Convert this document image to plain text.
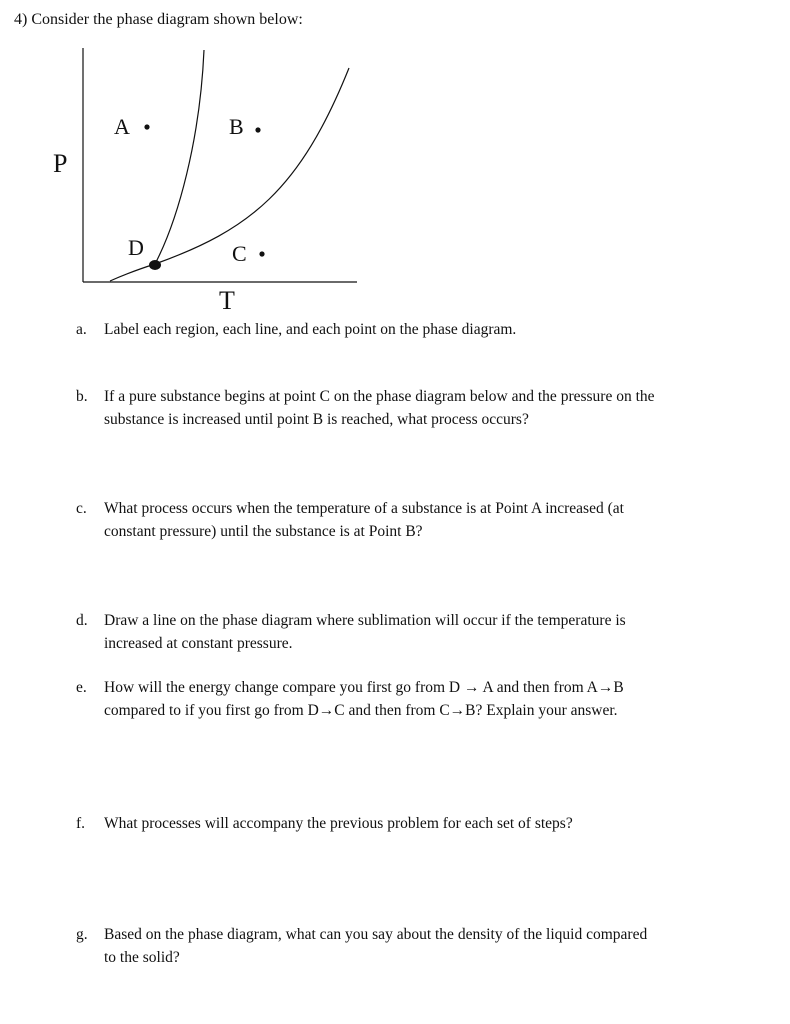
4) Consider the phase diagram shown below:
P
T
A	B
C
D
a. Label each region, each line, and each point on the phase diagram.
b. If a pure substance begins at point C on the phase diagram below and the pressure on the
substance is increased until point B is reached, what process occurs?
c. What process occurs when the temperature of a substance is at Point A increased (at
constant pressure) until the substance is at Point B?
d. Draw a line on the phase diagram where sublimation will occur if the temperature is
increased at constant pressure.
e. How will the energy change compare you first go from D → A and then from A→B
compared to if you first go from D→C and then from C→B? Explain your answer.
f. What processes will accompany the previous problem for each set of steps?
g. Based on the phase diagram, what can you say about the density of the liquid compared
to the solid?
